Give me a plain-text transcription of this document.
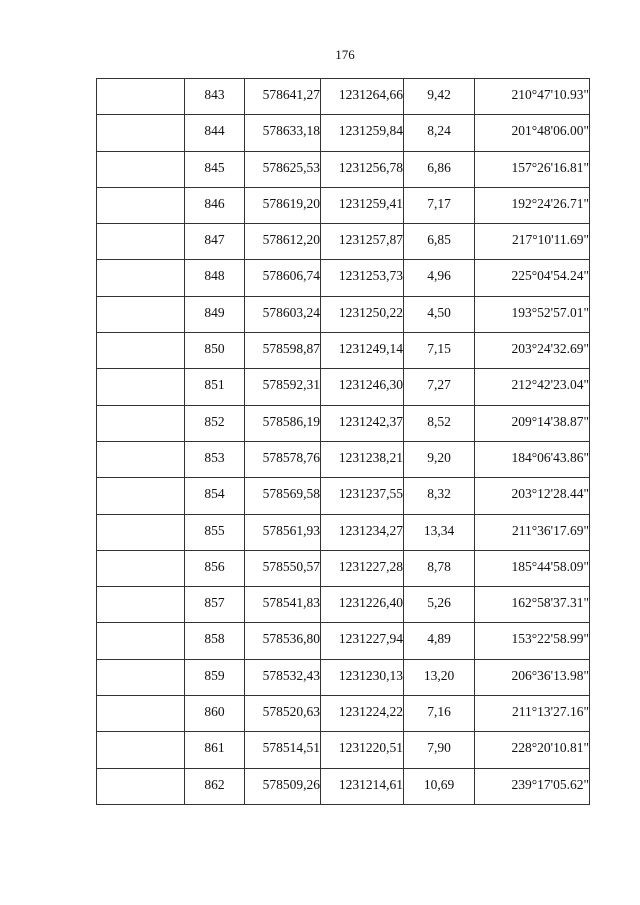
176
	843	578641,27	1231264,66	9,42	210°47'10.93"
	844	578633,18	1231259,84	8,24	201°48'06.00"
	845	578625,53	1231256,78	6,86	157°26'16.81"
	846	578619,20	1231259,41	7,17	192°24'26.71"
	847	578612,20	1231257,87	6,85	217°10'11.69"
	848	578606,74	1231253,73	4,96	225°04'54.24"
	849	578603,24	1231250,22	4,50	193°52'57.01"
	850	578598,87	1231249,14	7,15	203°24'32.69"
	851	578592,31	1231246,30	7,27	212°42'23.04"
	852	578586,19	1231242,37	8,52	209°14'38.87"
	853	578578,76	1231238,21	9,20	184°06'43.86"
	854	578569,58	1231237,55	8,32	203°12'28.44"
	855	578561,93	1231234,27	13,34	211°36'17.69"
	856	578550,57	1231227,28	8,78	185°44'58.09"
	857	578541,83	1231226,40	5,26	162°58'37.31"
	858	578536,80	1231227,94	4,89	153°22'58.99"
	859	578532,43	1231230,13	13,20	206°36'13.98"
	860	578520,63	1231224,22	7,16	211°13'27.16"
	861	578514,51	1231220,51	7,90	228°20'10.81"
	862	578509,26	1231214,61	10,69	239°17'05.62"
